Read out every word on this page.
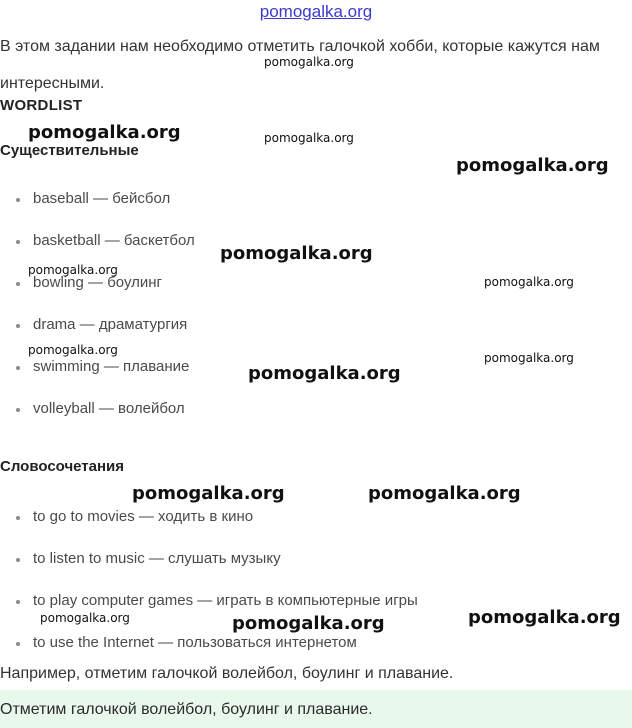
pomogalka.org
В этом задании нам необходимо отметить галочкой хобби, которые кажутся нам интересными.
WORDLIST
Существительные
baseball — бейсбол
basketball — баскетбол
bowling — боулинг
drama — драматургия
swimming — плавание
volleyball — волейбол
Словосочетания
to go to movies — ходить в кино
to listen to music — слушать музыку
to play computer games — играть в компьютерные игры
to use the Internet — пользоваться интернетом
Например, отметим галочкой волейбол, боулинг и плавание.
Отметим галочкой волейбол, боулинг и плавание.
pomogalka.org
pomogalka.org	pomogalka.org
pomogalka.org
pomogalka.org
pomogalka.org
pomogalka.org
pomogalka.org
pomogalka.org
pomogalka.org
pomogalka.org	pomogalka.org
pomogalka.org	pomogalka.org	pomogalka.org
